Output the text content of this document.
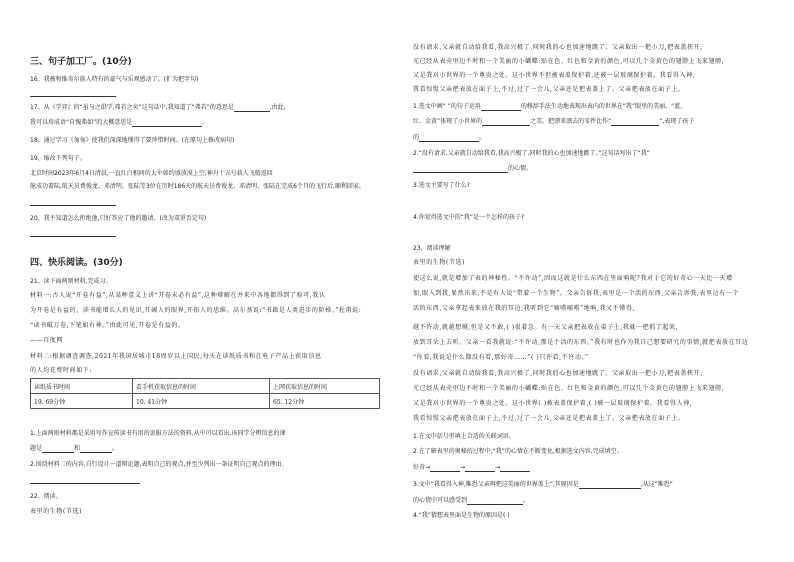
三、句子加工厂。(10分)
16、我被和维奇尔族人特有的豪气与乐观感动了。(扩为把字句)
17、从《学弈》的“虽与之俱学,弗若之矣”这句话中,我知道了“弗若”的意思是	,由此,
我可以用成语“自愧弗如”的大概意思是	。
18、通过学习《匆匆》使我们深深地懂得了要珍惜时间。(在原句上修改病句)
19、缩改下列句子。
北京时间2023年6月4日清晨,一直红白相间的大伞如约盛放漠上空,神舟十五号载人飞船返回
舱成功着陆,航天员费俊龙、邓清明、张陆等3位在历时186天的航天员费俊龙、邓清明、张陆在完成6个月的飞行后,顺利回家。
20、我不知道怎么拒绝他,只好答应了他的邀请。(改为双重否定句)
四、快乐阅读。(30分)
21、读下面两则材料,完成习。
材料一:古人说“开卷有益”,从某种意义上讲“开卷未必有益”,这种辩解在并来中各地都得到了验可,我认
为开卷是有益的。读书能增长人的见识,开阔人的眼界,开拓人的思维。高尔基说:“书籍是人类进步的阶梯。”杜甫说:
“读书破万卷,下笔如有神。”由此可见,开卷是有益的。
——百度网
材料二:根据调查调查,2021年我国居城市18周岁以上国民,每天在读纸质书和在电子产品上获取信息
的人均花费时间如下:
读纸质书时间	看手机获取信息的时间	上网获取信息的时间
19. 69分钟	10. 41分钟	65. 12分钟
1.上面两则材料都是采用写作宣传读书有用的说服方法的资料,从中可以看出,该同学分辨信息的课
题是	和	。
2.围绕材料二的内容,自行设计一道辩论题,表明自己的观点,并至少列出一条证明自己观点的理由。
22、阅读。
表里的生物(节选)
没有请求,父亲就自动给我看,我高兴极了,同时我的心也加速地跳了。父亲取出一把小刀,把表盖挟开,
光已经从表壳里边不时和一个美丽的小蝴蝶:贴在色、红色和金黄的颜色,可以几个金黄色的翅膀上飞来翅膀,
又是我对小世界的一个尊贵之处。这小世界不但被表盖保护着,还被一层玻璃保护着。我看得入神,
我看惊慌父亲把表放在面子上,不过,过了一会儿,父亲还是把表盖上了。父亲把表放在面子上。
1.选文中画“ ”的句子运用	的修辞手法生动地表现出表内的世界在“我”眼里的美丽。“蓝、
红、金黄”体现了小世界的	之美。把漂来漂去的零件比作“	”,表现了孩子
的	。
2.“没有请求,父亲就自动给我看,我高兴极了,同时我的心也加速地跳了。”这句话写出了“我”
的心情。
3.选文主要写了什么?
4.你觉得选文中的“我”是一个怎样的孩子?
23、阅读理解
表里的生物(节选)
使这么说,就是增加了表的神秘性。“不许动”,因而这就是什么东西在里面响呢?我对于它的好奇心一天比一天增
加,眼入到我,果然出来,不是有人说“带着一个生物”。父亲告诉我,表里是一个活的东西,父亲告诉我,表里边有一个
活的东西,父亲拿起表来放在我的耳边,我听到它“嘀嗒嘀嗒”地响,我又不懂得,
越不许动,就越想摸,但是又不敢,( )很着急。有一天父亲把表放在桌子上,我就一把抓了起来,
放到耳朵上去听。父亲一看我就说:“不许动,那是个活的东西。”我有时也作为我自己想要研究的事情,就把表放在耳边
“你看,我说是什么都没有看,那好奇……”( )只许看,不许动。”
没有请求,父亲就自动给我看,我高兴极了,同时我的心也加速地跳了。父亲取出一把小刀,把表盖挟开,
光已经从表壳里边不时和一个美丽的小蝴蝶:贴在色、红色和金黄的颜色,可以几个金黄色的翅膀上飞来翅膀,
又是我对小世界的一个尊贵之处。这小世界( )被表盖保护着,( )被一层玻璃保护着。我看得入神,
我看惊慌父亲把表放在面子上,不过,过了一会儿,父亲还是把表盖上了。父亲把表放在面子上。
1.在文中括号里填上合适的关联词语。
2.在了解表里的奥秘的过程中,“我”的心情在不断变化,根据选文内容,完成填空。
好奇→	→	→
3.文中“我看得入神,唯恐父亲再把这美丽的世界盖上”,其原因是	,从这“唯恐”
的心情中可以感受到	。
4.“我”猜想表里面是生物的原因是( )
